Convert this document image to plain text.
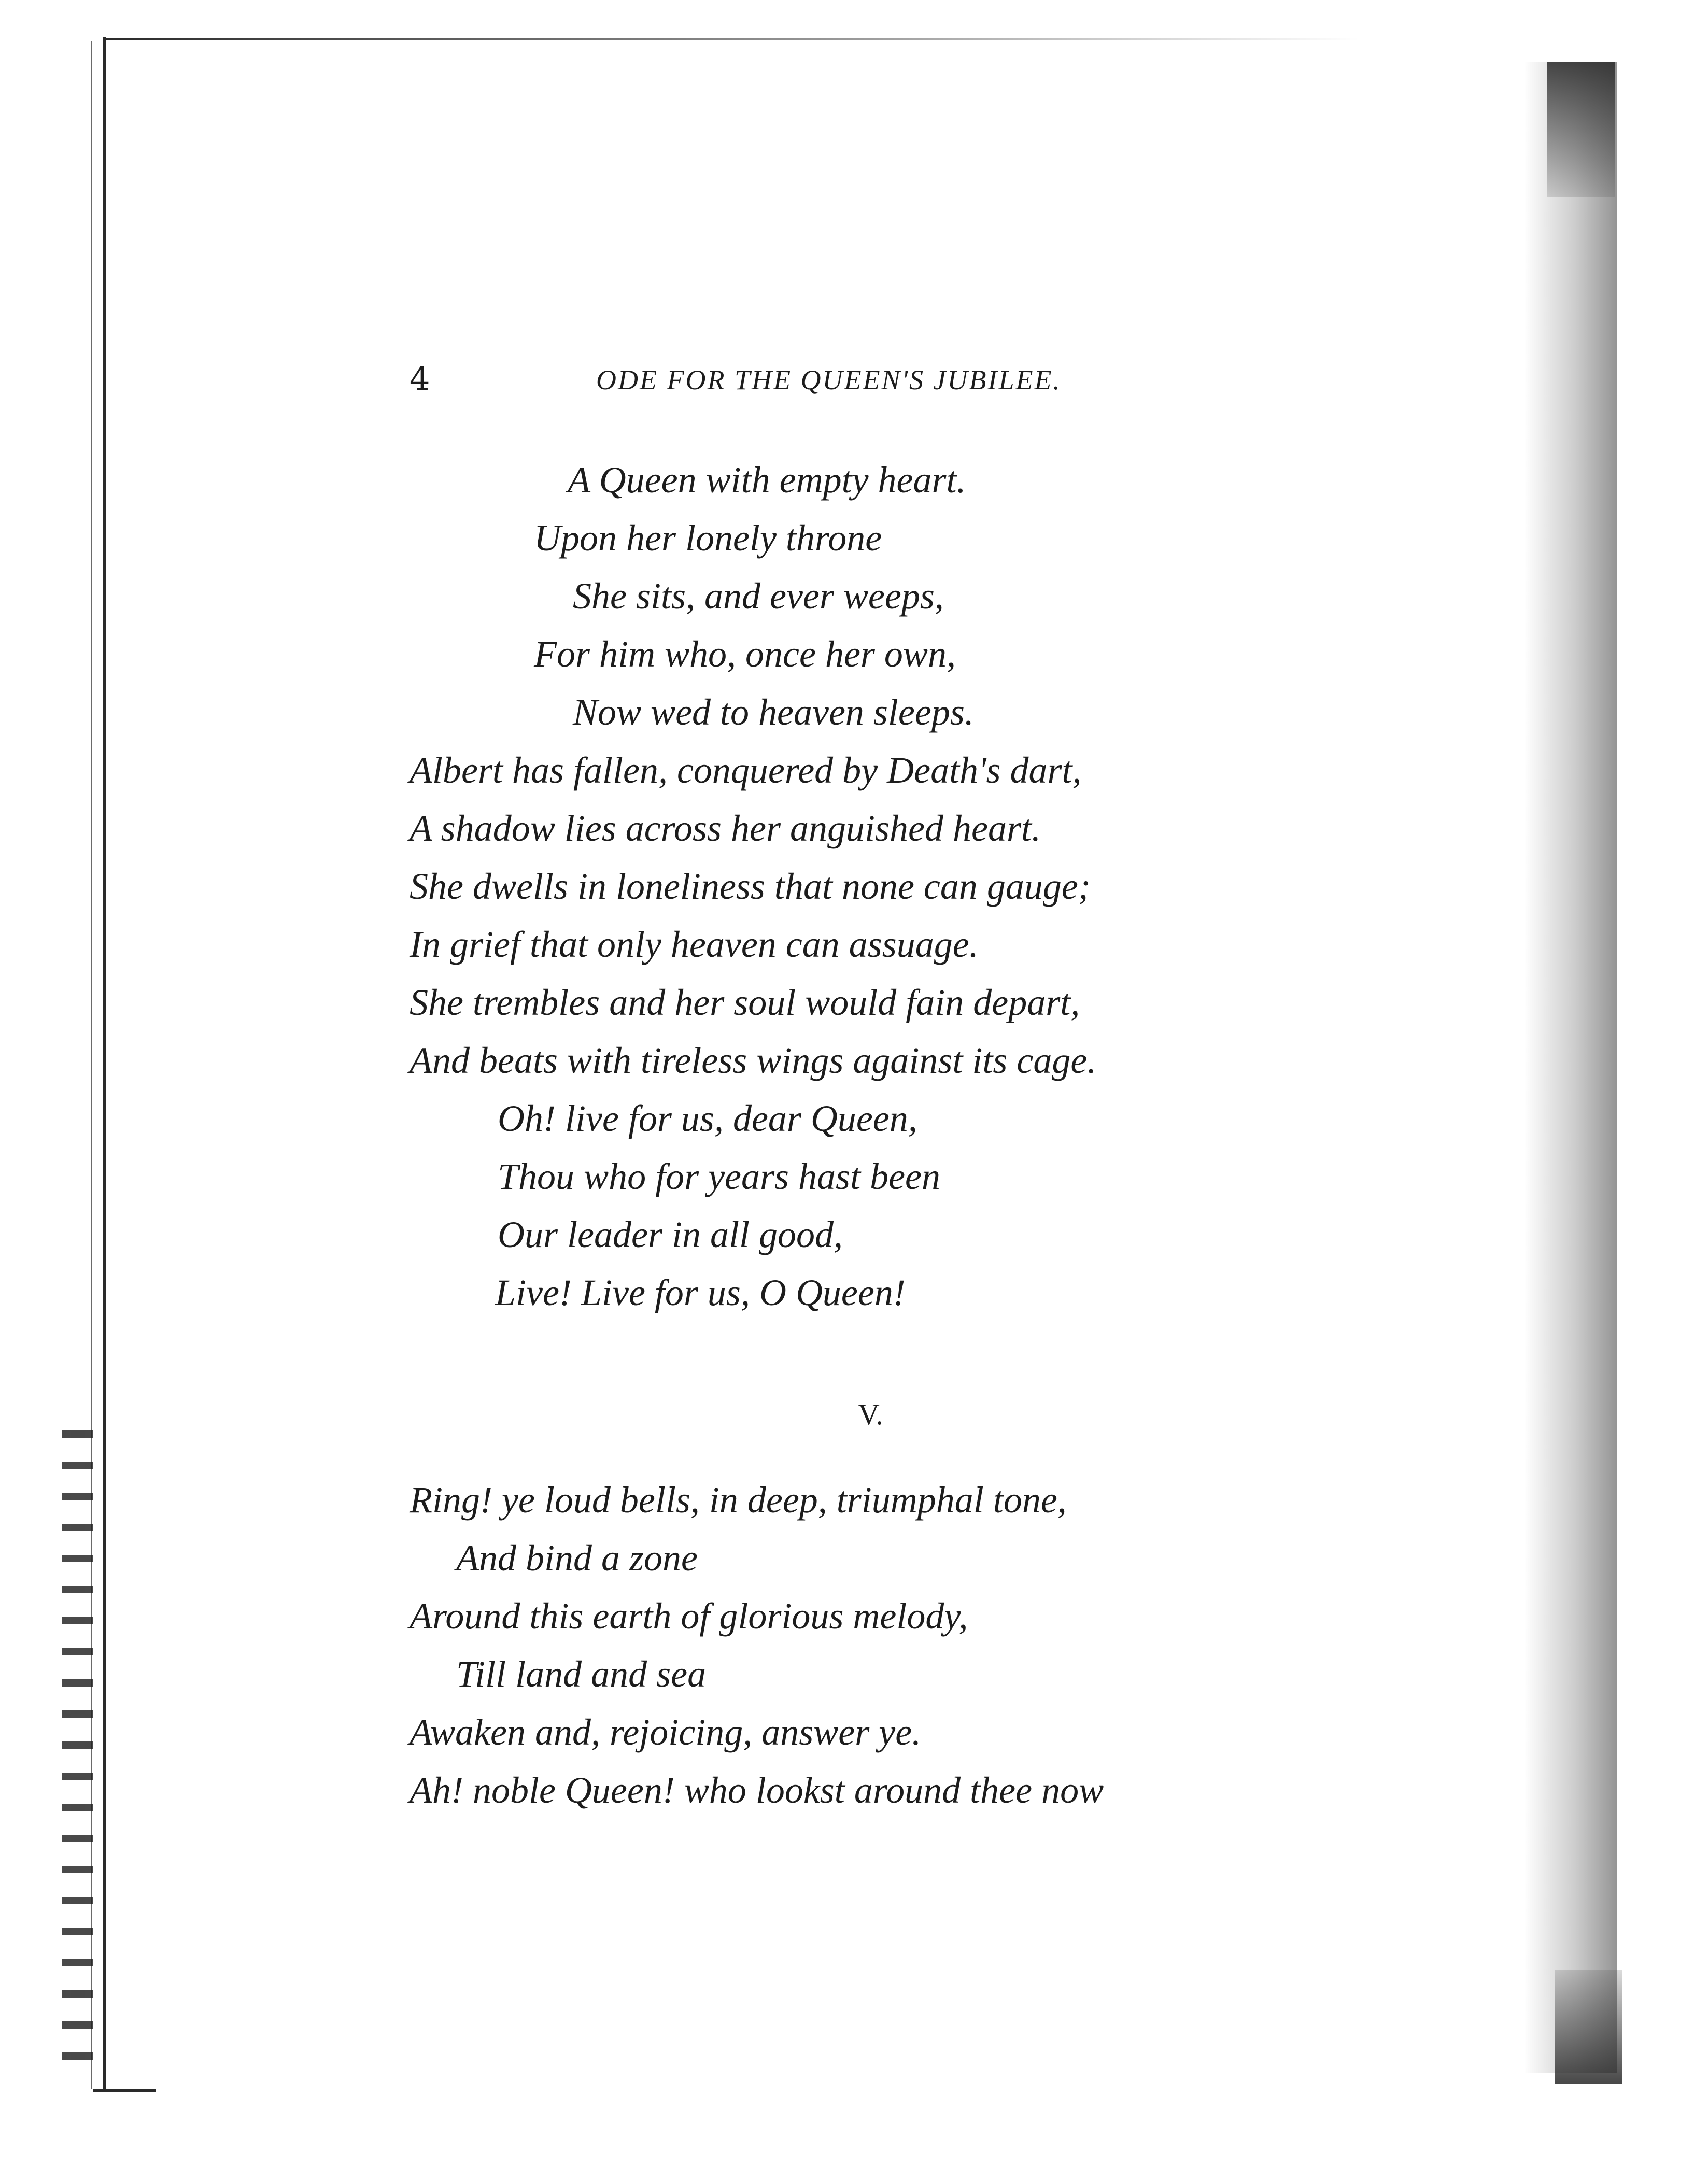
4	ODE FOR THE QUEEN'S JUBILEE.
A Queen with empty heart.
Upon her lonely throne
She sits, and ever weeps,
For him who, once her own,
Now wed to heaven sleeps.
Albert has fallen, conquered by Death's dart,
A shadow lies across her anguished heart.
She dwells in loneliness that none can gauge;
In grief that only heaven can assuage.
She trembles and her soul would fain depart,
And beats with tireless wings against its cage.
Oh! live for us, dear Queen,
Thou who for years hast been
Our leader in all good,
Live! Live for us, O Queen!
V.
Ring! ye loud bells, in deep, triumphal tone,
And bind a zone
Around this earth of glorious melody,
Till land and sea
Awaken and, rejoicing, answer ye.
Ah! noble Queen! who lookst around thee now
